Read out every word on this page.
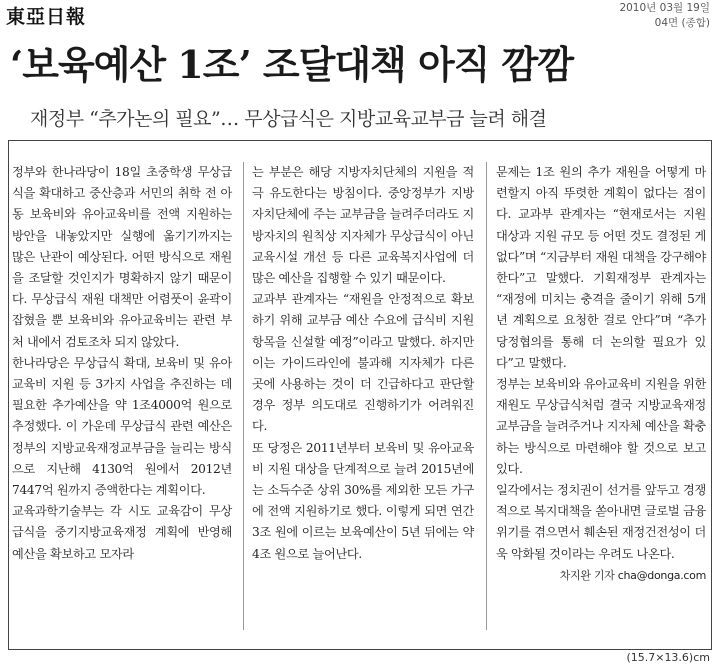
東亞日報	2010년 03월 19일
04면 (종합)
‘보육예산 1조’ 조달대책 아직 깜깜
재정부 “추가논의 필요”… 무상급식은 지방교육교부금 늘려 해결

정부와 한나라당이 18일 초중학생 무상급식을 확대하고 중산층과 서민의 취학 전 아동 보육비와 유아교육비를 전액 지원하는 방안을 내놓았지만 실행에 옮기기까지는 많은 난관이 예상된다. 어떤 방식으로 재원을 조달할 것인지가 명확하지 않기 때문이다. 무상급식 재원 대책만 어렴풋이 윤곽이 잡혔을 뿐 보육비와 유아교육비는 관련 부처 내에서 검토조차 되지 않았다.

한나라당은 무상급식 확대, 보육비 및 유아교육비 지원 등 3가지 사업을 추진하는 데 필요한 추가예산을 약 1조4000억 원으로 추정했다. 이 가운데 무상급식 관련 예산은 정부의 지방교육재정교부금을 늘리는 방식으로 지난해 4130억 원에서 2012년 7447억 원까지 증액한다는 계획이다.

교육과학기술부는 각 시도 교육감이 무상급식을 중기지방교육재정 계획에 반영해 예산을 확보하고 모자라

는 부분은 해당 지방자치단체의 지원을 적극 유도한다는 방침이다. 중앙정부가 지방자치단체에 주는 교부금을 늘려주더라도 지방자치의 원칙상 지자체가 무상급식이 아닌 교육시설 개선 등 다른 교육복지사업에 더 많은 예산을 집행할 수 있기 때문이다.

교과부 관계자는 “재원을 안정적으로 확보하기 위해 교부금 예산 수요에 급식비 지원 항목을 신설할 예정”이라고 말했다. 하지만 이는 가이드라인에 불과해 지자체가 다른 곳에 사용하는 것이 더 긴급하다고 판단할 경우 정부 의도대로 진행하기가 어려워진다.

또 당정은 2011년부터 보육비 및 유아교육비 지원 대상을 단계적으로 늘려 2015년에는 소득수준 상위 30%를 제외한 모든 가구에 전액 지원하기로 했다. 이렇게 되면 연간 3조 원에 이르는 보육예산이 5년 뒤에는 약 4조 원으로 늘어난다.

문제는 1조 원의 추가 재원을 어떻게 마련할지 아직 뚜렷한 계획이 없다는 점이다. 교과부 관계자는 “현재로서는 지원 대상과 지원 규모 등 어떤 것도 결정된 게 없다”며 “지금부터 재원 대책을 강구해야 한다”고 말했다. 기획재정부 관계자는 “재정에 미치는 충격을 줄이기 위해 5개년 계획으로 요청한 걸로 안다”며 “추가 당정협의를 통해 더 논의할 필요가 있다”고 말했다.

정부는 보육비와 유아교육비 지원을 위한 재원도 무상급식처럼 결국 지방교육재정교부금을 늘려주거나 지자체 예산을 확충하는 방식으로 마련해야 할 것으로 보고 있다.

일각에서는 정치권이 선거를 앞두고 경쟁적으로 복지대책을 쏟아내면 글로벌 금융위기를 겪으면서 훼손된 재정건전성이 더욱 악화될 것이라는 우려도 나온다.

차지완 기자 cha@donga.com

(15.7×13.6)cm
